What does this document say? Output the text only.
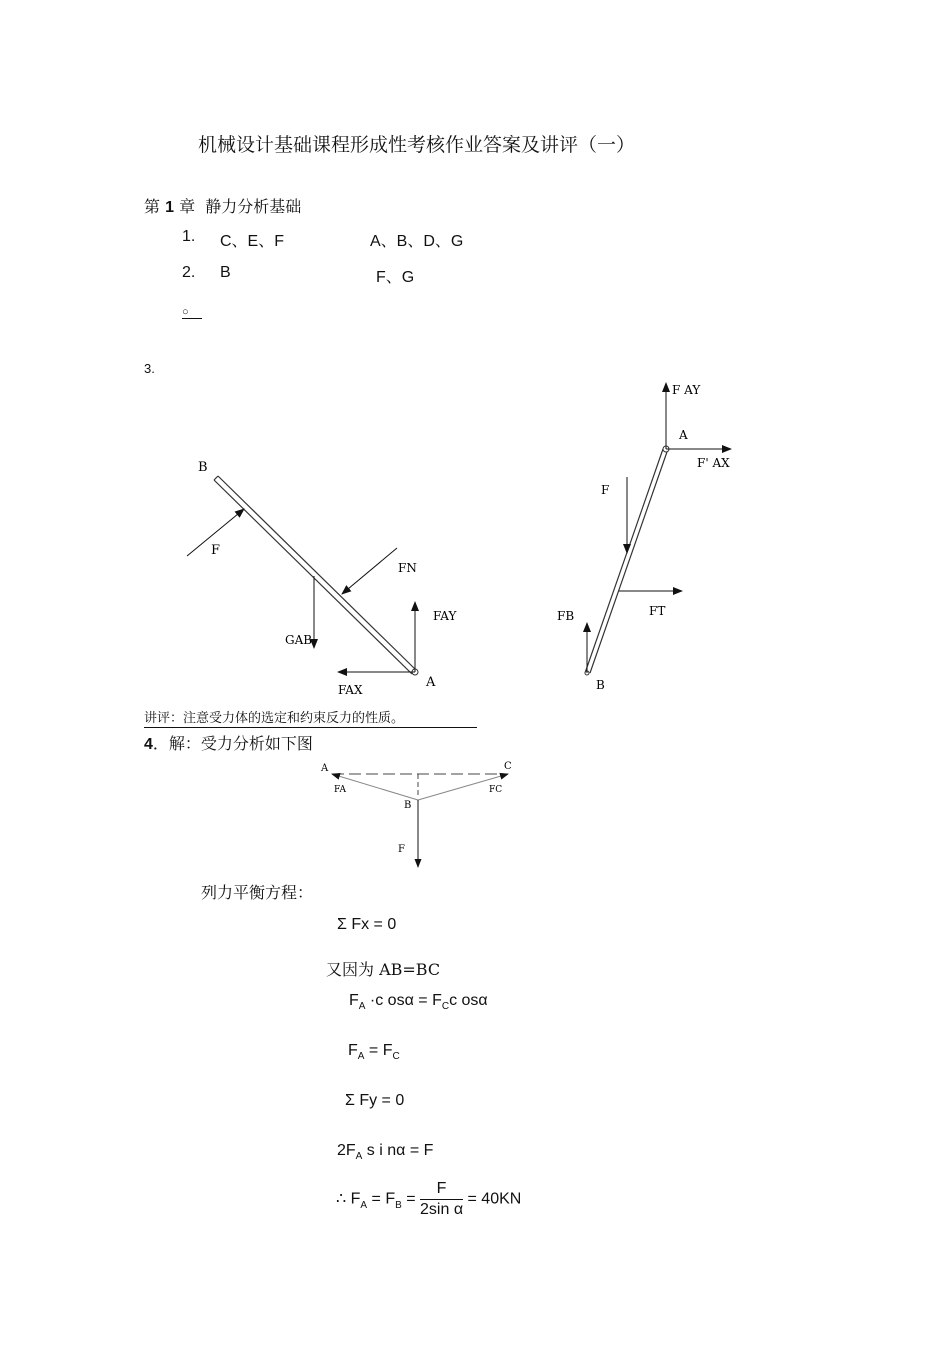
机械设计基础课程形成性考核作业答案及讲评（一）
第 1 章 静力分析基础
1. C、E、F	A、B、D、G
2. B	F、G
○
3.
B
F
FN
GAB
FAY
FAX	A
F AY
A
F' AX
F
FB	FT
B
讲评：注意受力体的选定和约束反力的性质。
4．解：受力分析如下图
A	C
FA	FC
B
F
列力平衡方程：
Σ Fx = 0
又因为 AB=BC
$F_A \cdot c$ $os\alpha = F_Cc$ osα
$F_A = F_C$
Σ Fy = 0
$2F_A$ s i nα = F
∴ $F_A = F_B = \frac{F}{\text{2sin α}} = 40KN$
